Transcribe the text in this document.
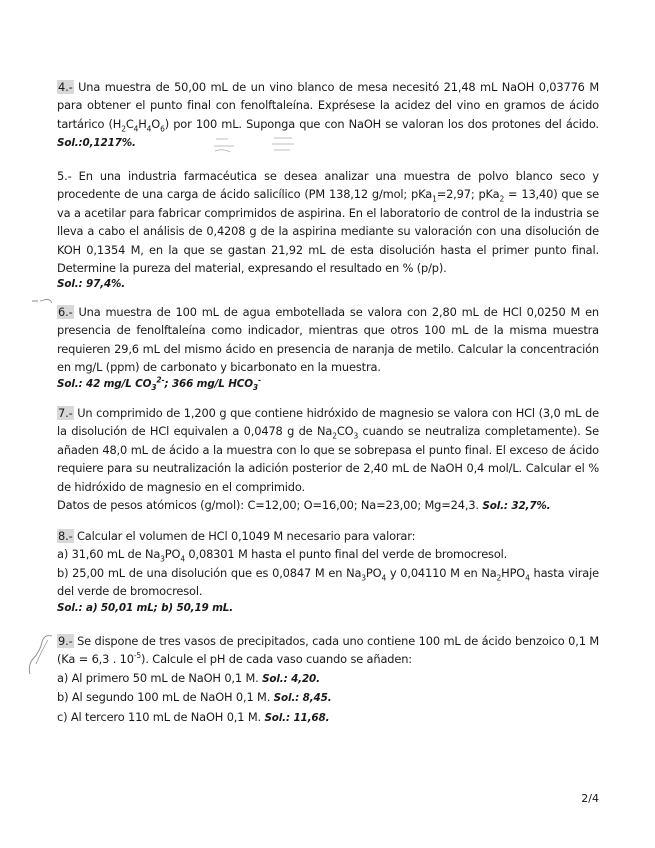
4.- Una muestra de 50,00 mL de un vino blanco de mesa necesitó 21,48 mL NaOH 0,03776 M para obtener el punto final con fenolftaleína. Exprésese la acidez del vino en gramos de ácido tartárico $(H_2C_4H_4O_6)$ por 100 mL. Suponga que con NaOH se valoran los dos protones del ácido. Sol.:0,1217%.
5.- En una industria farmacéutica se desea analizar una muestra de polvo blanco seco y procedente de una carga de ácido salicílico (PM 138,12 g/mol; pKa$_1$=2,97; pKa$_2$ = 13,40) que se va a acetilar para fabricar comprimidos de aspirina. En el laboratorio de control de la industria se lleva a cabo el análisis de 0,4208 g de la aspirina mediante su valoración con una disolución de KOH 0,1354 M, en la que se gastan 21,92 mL de esta disolución hasta el primer punto final. Determine la pureza del material, expresando el resultado en % (p/p).
Sol.: 97,4%.
6.- Una muestra de 100 mL de agua embotellada se valora con 2,80 mL de HCl 0,0250 M en presencia de fenolftaleína como indicador, mientras que otros 100 mL de la misma muestra requieren 29,6 mL del mismo ácido en presencia de naranja de metilo. Calcular la concentración en mg/L (ppm) de carbonato y bicarbonato en la muestra.
Sol.: 42 mg/L $CO_3^{2-}$; 366 mg/L $HCO_3^-$
7.- Un comprimido de 1,200 g que contiene hidróxido de magnesio se valora con HCl (3,0 mL de la disolución de HCl equivalen a 0,0478 g de $Na_2CO_3$ cuando se neutraliza completamente). Se añaden 48,0 mL de ácido a la muestra con lo que se sobrepasa el punto final. El exceso de ácido requiere para su neutralización la adición posterior de 2,40 mL de NaOH 0,4 mol/L. Calcular el % de hidróxido de magnesio en el comprimido.
Datos de pesos atómicos (g/mol): C=12,00; O=16,00; Na=23,00; Mg=24,3. Sol.: 32,7%.
8.- Calcular el volumen de HCl 0,1049 M necesario para valorar:
a) 31,60 mL de $Na_3PO_4$ 0,08301 M hasta el punto final del verde de bromocresol.
b) 25,00 mL de una disolución que es 0,0847 M en $Na_3PO_4$ y 0,04110 M en $Na_2HPO_4$ hasta viraje del verde de bromocresol.
Sol.: a) 50,01 mL; b) 50,19 mL.
9.- Se dispone de tres vasos de precipitados, cada uno contiene 100 mL de ácido benzoico 0,1 M (Ka = 6,3 . $10^{-5}$). Calcule el pH de cada vaso cuando se añaden:
a) Al primero 50 mL de NaOH 0,1 M. Sol.: 4,20.
b) Al segundo 100 mL de NaOH 0,1 M. Sol.: 8,45.
c) Al tercero 110 mL de NaOH 0,1 M. Sol.: 11,68.
2/4
